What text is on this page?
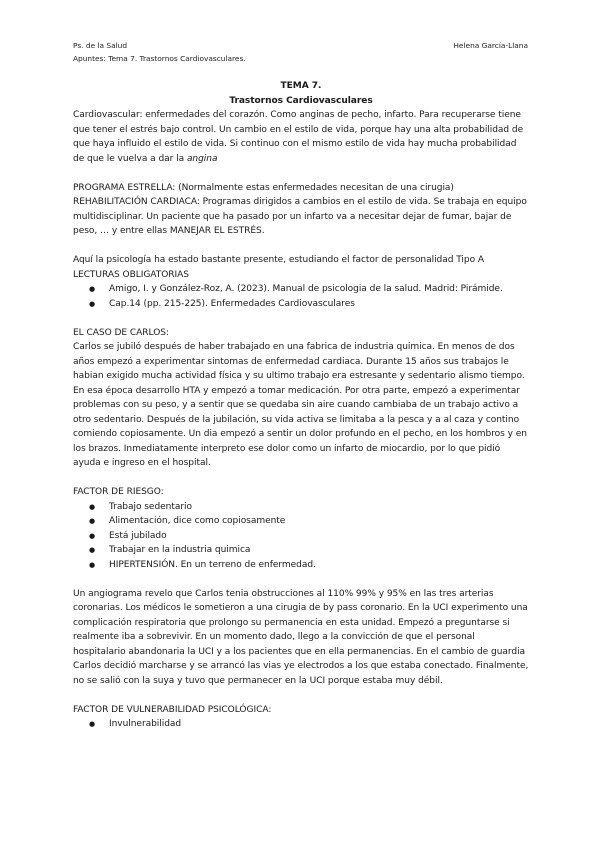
Ps. de la Salud
Apuntes: Tema 7. Trastornos Cardiovasculares.
Helena García-Llana

TEMA 7.

Trastornos Cardiovasculares

Cardiovascular: enfermedades del corazón. Como anginas de pecho, infarto. Para recuperarse tiene que tener el estrés bajo control. Un cambio en el estilo de vida, porque hay una alta probabilidad de que haya influido el estilo de vida. Si continuo con el mismo estilo de vida hay mucha probabilidad de que le vuelva a dar la angina

PROGRAMA ESTRELLA: (Normalmente estas enfermedades necesitan de una cirugia)

REHABILITACIÓN CARDIACA: Programas dirigidos a cambios en el estilo de vida. Se trabaja en equipo multidisciplinar. Un paciente que ha pasado por un infarto va a necesitar dejar de fumar, bajar de peso, … y entre ellas MANEJAR EL ESTRÉS.

Aquí la psicología ha estado bastante presente, estudiando el factor de personalidad Tipo A

LECTURAS OBLIGATORIAS

● Amigo, I. y González-Roz, A. (2023). Manual de psicologia de la salud. Madrid: Pirámide.
● Cap.14 (pp. 215-225). Enfermedades Cardiovasculares

EL CASO DE CARLOS:

Carlos se jubiló después de haber trabajado en una fabrica de industria quimica. En menos de dos años empezó a experimentar sintomas de enfermedad cardiaca. Durante 15 años sus trabajos le habian exigido mucha actividad física y su ultimo trabajo era estresante y sedentario alismo tiempo. En esa época desarrollo HTA y empezó a tomar medicación. Por otra parte, empezó a experimentar problemas con su peso, y a sentir que se quedaba sin aire cuando cambiaba de un trabajo activo a otro sedentario. Después de la jubilación, su vida activa se limitaba a la pesca y a al caza y contino comiendo copiosamente. Un dia empezó a sentir un dolor profundo en el pecho, en los hombros y en los brazos. Inmediatamente interpreto ese dolor como un infarto de miocardio, por lo que pidió ayuda e ingreso en el hospital.

FACTOR DE RIESGO:

● Trabajo sedentario
● Alimentación, dice como copiosamente
● Está jubilado
● Trabajar en la industria quimica
● HIPERTENSIÓN. En un terreno de enfermedad.

Un angiograma revelo que Carlos tenia obstrucciones al 110% 99% y 95% en las tres arterias coronarias. Los médicos le sometieron a una cirugia de by pass coronario. En la UCI experimento una complicación respiratoria que prolongo su permanencia en esta unidad. Empezó a preguntarse si realmente iba a sobrevivir. En un momento dado, llego a la convicción de que el personal hospitalario abandonaria la UCI y a los pacientes que en ella permanencias. En el cambio de guardia Carlos decidió marcharse y se arrancó las vias ye electrodos a los que estaba conectado. Finalmente, no se salió con la suya y tuvo que permanecer en la UCI porque estaba muy débil.

FACTOR DE VULNERABILIDAD PSICOLÓGICA:

● Invulnerabilidad
